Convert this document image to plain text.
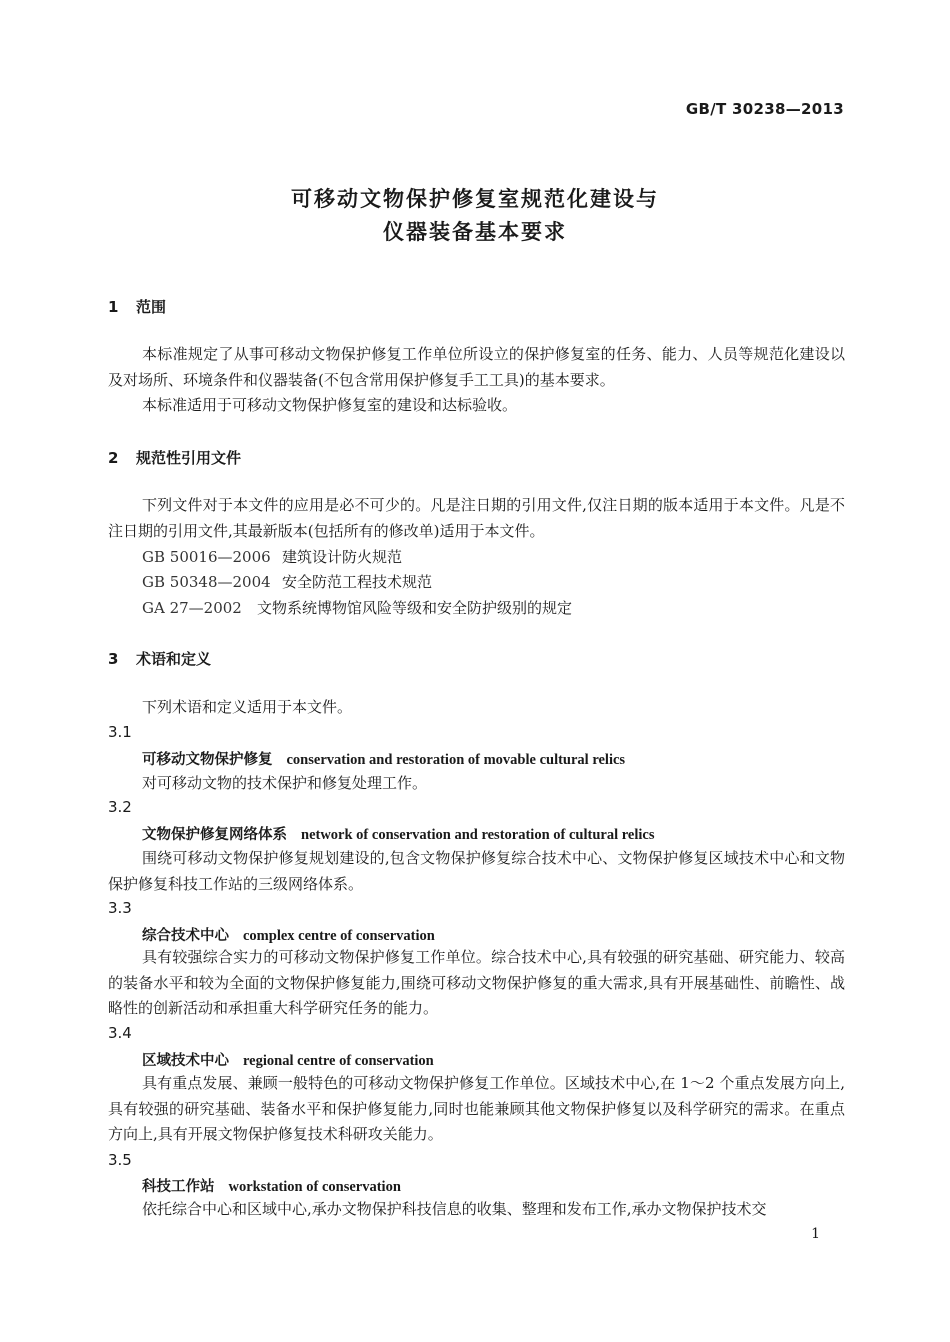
GB/T 30238—2013
可移动文物保护修复室规范化建设与
仪器装备基本要求
1 范围
本标准规定了从事可移动文物保护修复工作单位所设立的保护修复室的任务、能力、人员等规范化建设以及对场所、环境条件和仪器装备(不包含常用保护修复手工工具)的基本要求。
本标准适用于可移动文物保护修复室的建设和达标验收。
2 规范性引用文件
下列文件对于本文件的应用是必不可少的。凡是注日期的引用文件,仅注日期的版本适用于本文件。凡是不注日期的引用文件,其最新版本(包括所有的修改单)适用于本文件。
GB 50016—2006 建筑设计防火规范
GB 50348—2004 安全防范工程技术规范
GA 27—2002 文物系统博物馆风险等级和安全防护级别的规定
3 术语和定义
下列术语和定义适用于本文件。
3.1
可移动文物保护修复 conservation and restoration of movable cultural relics
对可移动文物的技术保护和修复处理工作。
3.2
文物保护修复网络体系 network of conservation and restoration of cultural relics
围绕可移动文物保护修复规划建设的,包含文物保护修复综合技术中心、文物保护修复区域技术中心和文物保护修复科技工作站的三级网络体系。
3.3
综合技术中心 complex centre of conservation
具有较强综合实力的可移动文物保护修复工作单位。综合技术中心,具有较强的研究基础、研究能力、较高的装备水平和较为全面的文物保护修复能力,围绕可移动文物保护修复的重大需求,具有开展基础性、前瞻性、战略性的创新活动和承担重大科学研究任务的能力。
3.4
区域技术中心 regional centre of conservation
具有重点发展、兼顾一般特色的可移动文物保护修复工作单位。区域技术中心,在 1～2 个重点发展方向上,具有较强的研究基础、装备水平和保护修复能力,同时也能兼顾其他文物保护修复以及科学研究的需求。在重点方向上,具有开展文物保护修复技术科研攻关能力。
3.5
科技工作站 workstation of conservation
依托综合中心和区域中心,承办文物保护科技信息的收集、整理和发布工作,承办文物保护技术交
1
